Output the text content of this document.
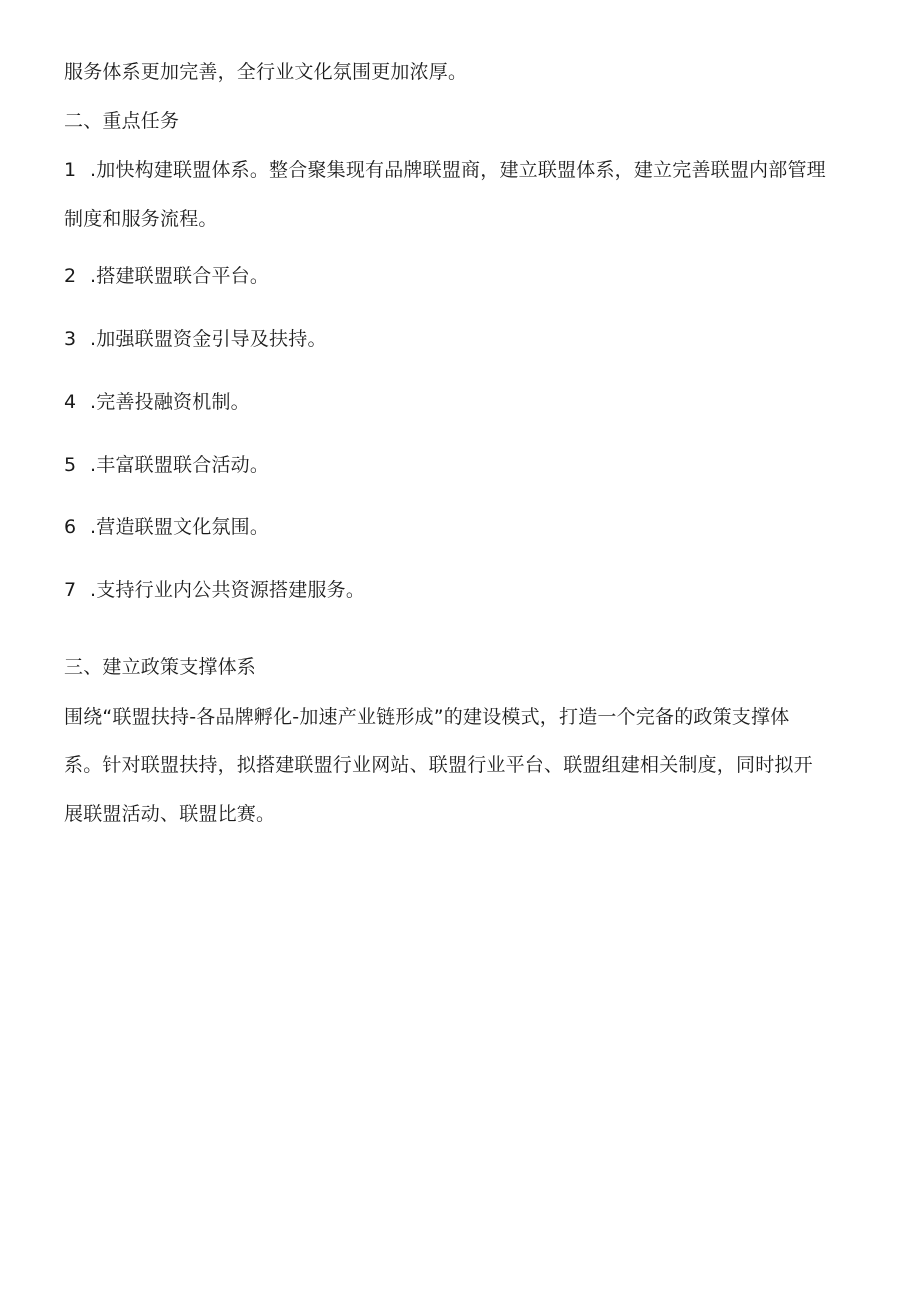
服务体系更加完善，全行业文化氛围更加浓厚。

二、重点任务

1 .加快构建联盟体系。整合聚集现有品牌联盟商，建立联盟体系，建立完善联盟内部管理

制度和服务流程。

2 .搭建联盟联合平台。

3 .加强联盟资金引导及扶持。

4 .完善投融资机制。

5 .丰富联盟联合活动。

6 .营造联盟文化氛围。

7 .支持行业内公共资源搭建服务。

三、建立政策支撑体系

围绕“联盟扶持-各品牌孵化-加速产业链形成”的建设模式，打造一个完备的政策支撑体

系。针对联盟扶持，拟搭建联盟行业网站、联盟行业平台、联盟组建相关制度，同时拟开

展联盟活动、联盟比赛。
